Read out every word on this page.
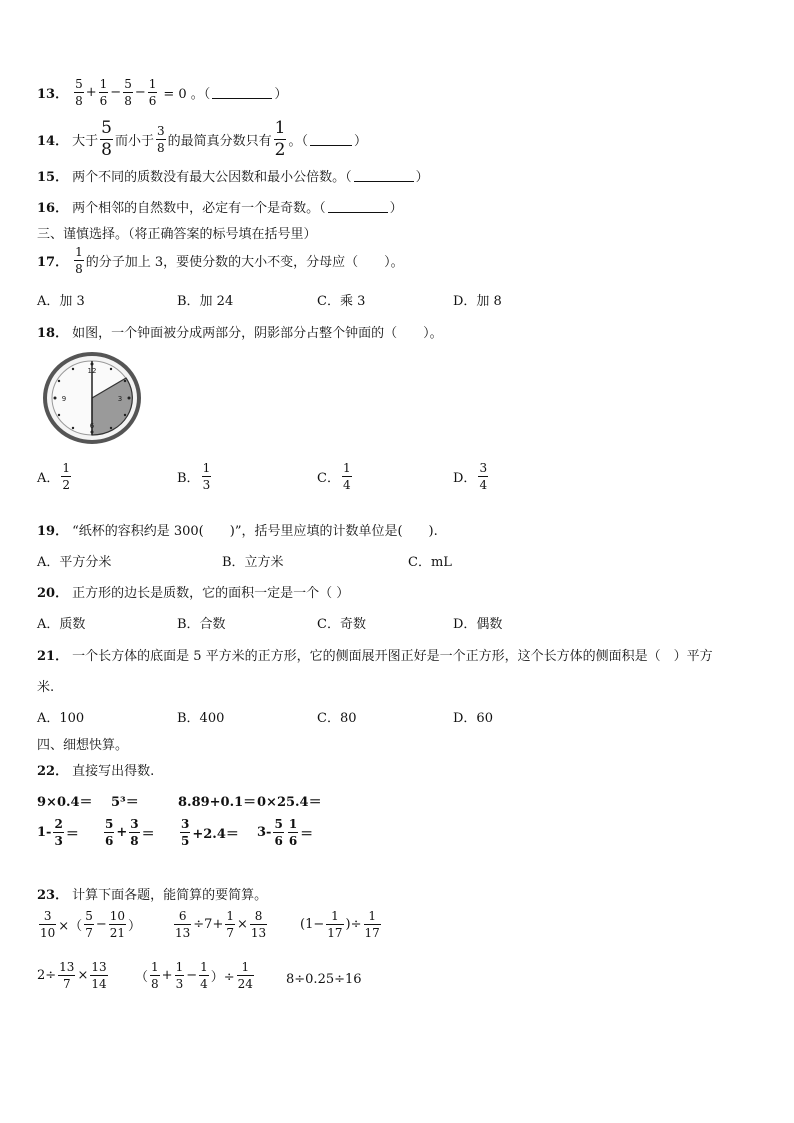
13． $\frac{5}{8} + \frac{1}{6} - \frac{5}{8} - \frac{1}{6} = 0$ 。（	）
14． 大于 $\frac{5}{8}$ 而小于 $\frac{3}{8}$ 的最简真分数只有 $\frac{1}{2}$ 。（	）
15． 两个不同的质数没有最大公因数和最小公倍数。（	）
16． 两个相邻的自然数中，必定有一个是奇数。（	）
三、谨慎选择。（将正确答案的标号填在括号里）
17． $\frac{1}{8}$ 的分子加上 3，要使分数的大小不变，分母应（　　）。
A．加 3	B．加 24	C．乘 3	D．加 8
18． 如图，一个钟面被分成两部分，阴影部分占整个钟面的（　　）。
12
3
6
9
A． $\frac{1}{2}$	B． $\frac{1}{3}$	C． $\frac{1}{4}$	D． $\frac{3}{4}$
19． “纸杯的容积约是 300(　　)”，括号里应填的计数单位是(　　).
A．平方分米	B．立方米	C．mL
20． 正方形的边长是质数，它的面积一定是一个（ ）
A．质数	B．合数	C．奇数	D．偶数
21． 一个长方体的底面是 5 平方米的正方形，它的侧面展开图正好是一个正方形，这个长方体的侧面积是（　）平方
米.
A．100	B．400	C．80	D．60
四、细想快算。
22． 直接写出得数.
9×0.4＝ 5³＝	8.89+0.1＝ 0×25.4＝
$1- \frac{2}{3} = \frac{5}{6} + \frac{3}{8} = \frac{3}{5} +2.4= 3- \frac{5}{6} \frac{1}{6}$ ＝
23． 计算下面各题，能简算的要简算。
$\frac{3}{10}$ ×（ $\frac{5}{7} - \frac{10}{21}$ ）	$\frac{6}{13} \div 7+ \frac{1}{7} \times \frac{8}{13}$	($1- \frac{1}{17}$ )÷ $\frac{1}{17}$
$2\div \frac{13}{7} \times \frac{13}{14}$ （ $\frac{1}{8} + \frac{1}{3} - \frac{1}{4}$ ）÷ $\frac{1}{24} 8\div 0.25\div 16$
